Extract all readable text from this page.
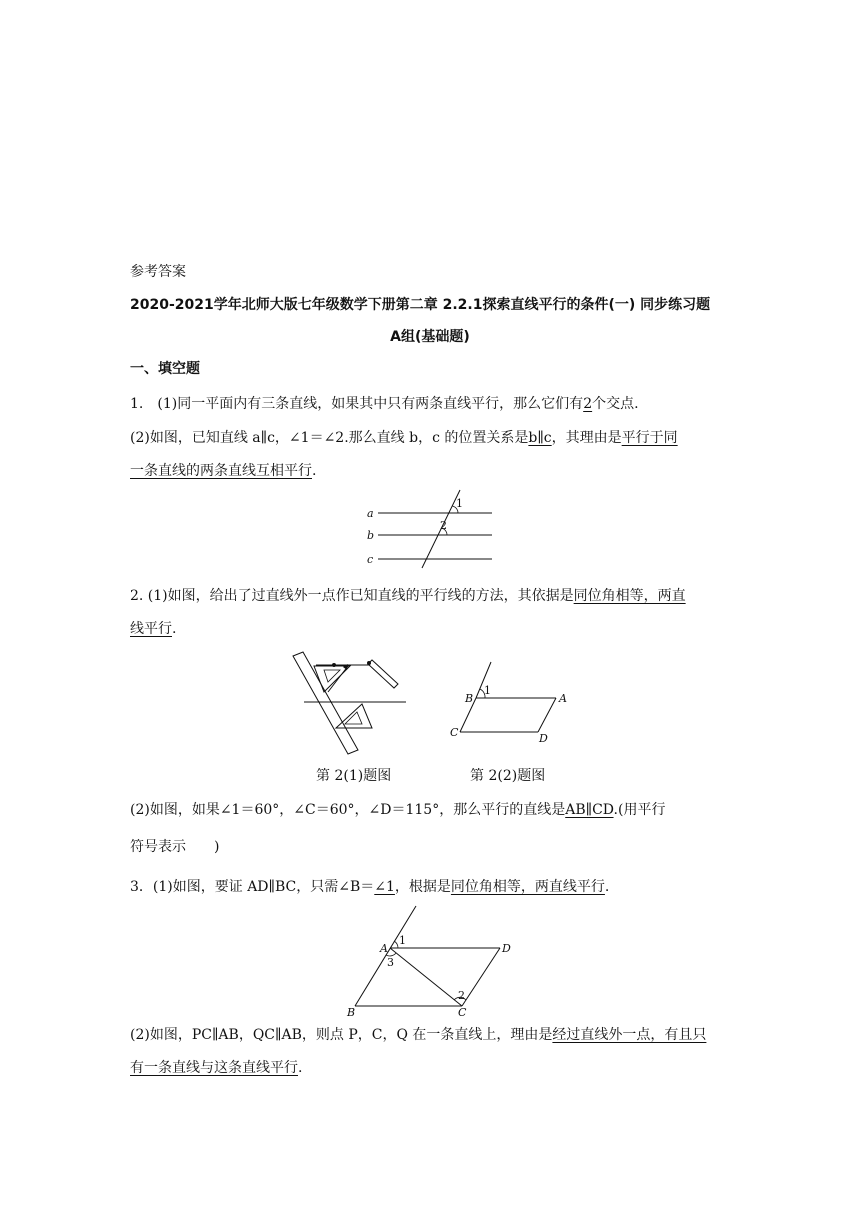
参考答案
2020-2021学年北师大版七年级数学下册第二章 2.2.1探索直线平行的条件(一) 同步练习题
A组(基础题)
一、填空题
1. (1)同一平面内有三条直线，如果其中只有两条直线平行，那么它们有2个交点.
(2)如图，已知直线 a∥c，∠1＝∠2.那么直线 b，c 的位置关系是b∥c，其理由是平行于同
一条直线的两条直线互相平行.
a
b
c
1
2
2. (1)如图，给出了过直线外一点作已知直线的平行线的方法，其依据是同位角相等，两直
线平行.
B	A
C	D
1
第 2(1)题图	第 2(2)题图
(2)如图，如果∠1＝60°，∠C＝60°，∠D＝115°，那么平行的直线是AB∥CD.(用平行
符号表示　　)
3．(1)如图，要证 AD∥BC，只需∠B＝∠1，根据是同位角相等，两直线平行.
A	D
B	C
1
3
2
(2)如图，PC∥AB，QC∥AB，则点 P，C，Q 在一条直线上，理由是经过直线外一点，有且只
有一条直线与这条直线平行.
